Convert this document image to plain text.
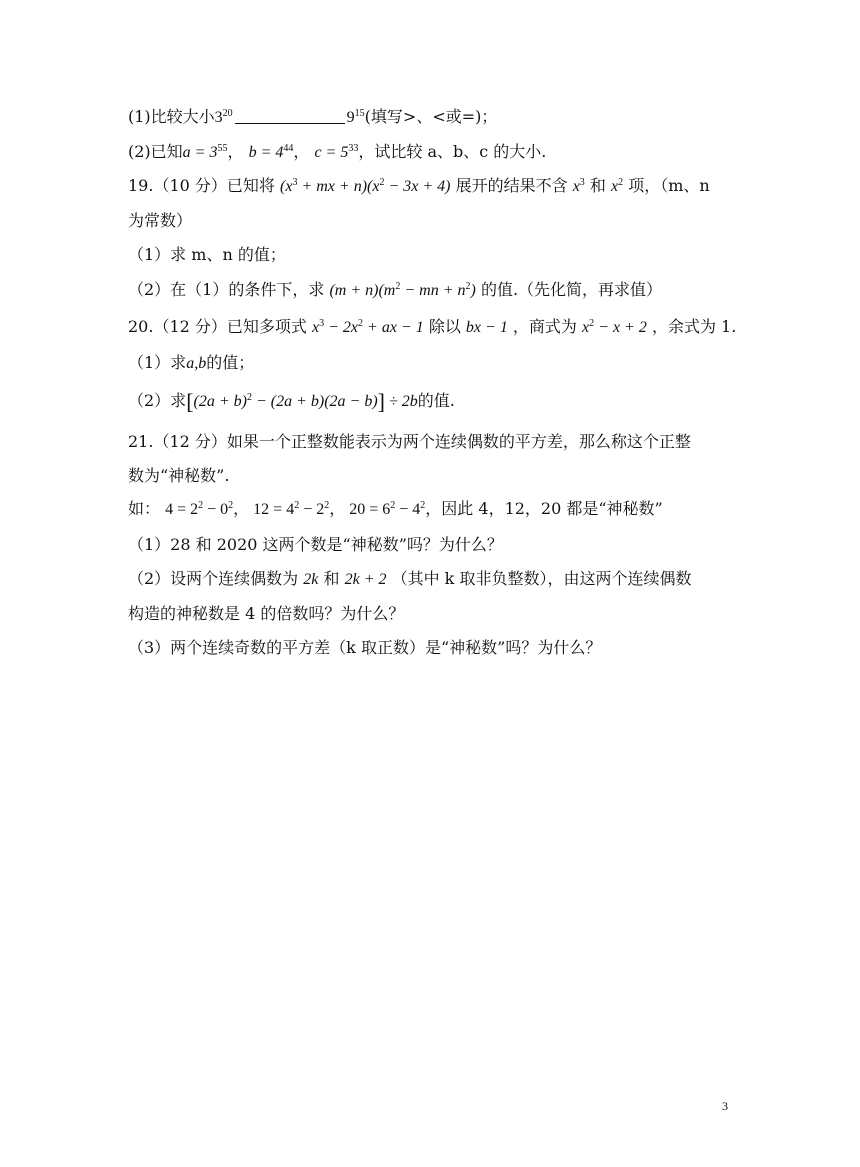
(1)比较大小$3^{20}$	$9^{15}$(填写>、<或=)；
(2)已知$a = 3^{55}$， $b = 4^{44}$， $c = 5^{33}$，试比较 a、b、c 的大小.
19.（10 分）已知将 ($x^3$ + mx + $n)(x^2 - 3x + 4)$ 展开的结果不含 $x^3$ 和 $x^2$ 项，（m、n
为常数）
（1）求 m、n 的值；
（2）在（1）的条件下，求 $(m + n)(m^2$ − mn + $n^2$) 的值.（先化简，再求值）
20.（12 分）已知多项式 $x^3 - 2x^2$ + ax − 1 除以 bx − 1 ，商式为 $x^2 - x + 2$ ，余式为 1.
（1）求a,b的值；
（2）求$[(2a + b)^2 - (2a + b)(2a - b)] \div 2b$的值.
21.（12 分）如果一个正整数能表示为两个连续偶数的平方差，那么称这个正整
数为“神秘数”.
如： $4 = 2^2 - 0^2$， $12 = 4^2 - 2^2$， $20 = 6^2 - 4^2$，因此 4，12，20 都是“神秘数”
（1）28 和 2020 这两个数是“神秘数”吗？为什么？
（2）设两个连续偶数为 2k 和 2k + 2 （其中 k 取非负整数），由这两个连续偶数
构造的神秘数是 4 的倍数吗？为什么？
（3）两个连续奇数的平方差（k 取正数）是“神秘数”吗？为什么？
3
